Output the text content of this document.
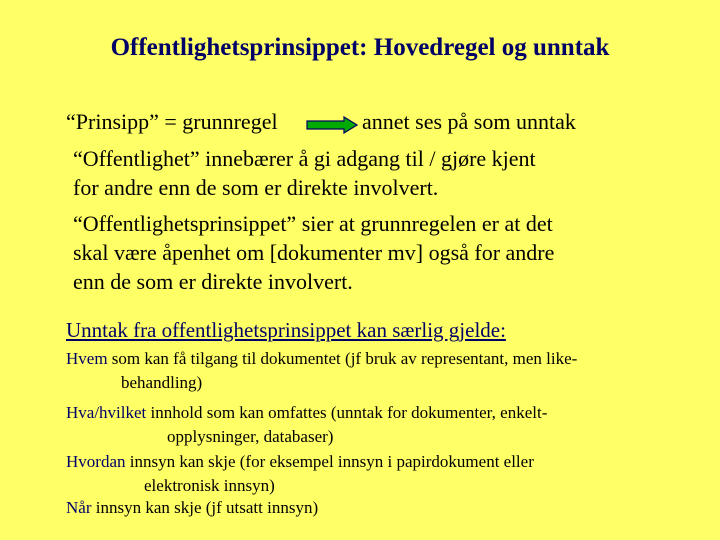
Offentlighetsprinsippet: Hovedregel og unntak
“Prinsipp” = grunnregel	annet ses på som unntak
“Offentlighet” innebærer å gi adgang til / gjøre kjent
for andre enn de som er direkte involvert.
“Offentlighetsprinsippet” sier at grunnregelen er at det
skal være åpenhet om [dokumenter mv] også for andre
enn de som er direkte involvert.
Unntak fra offentlighetsprinsippet kan særlig gjelde:
Hvem som kan få tilgang til dokumentet (jf bruk av representant, men like-
behandling)
Hva/hvilket innhold som kan omfattes (unntak for dokumenter, enkelt-
opplysninger, databaser)
Hvordan innsyn kan skje (for eksempel innsyn i papirdokument eller
elektronisk innsyn)
Når innsyn kan skje (jf utsatt innsyn)
